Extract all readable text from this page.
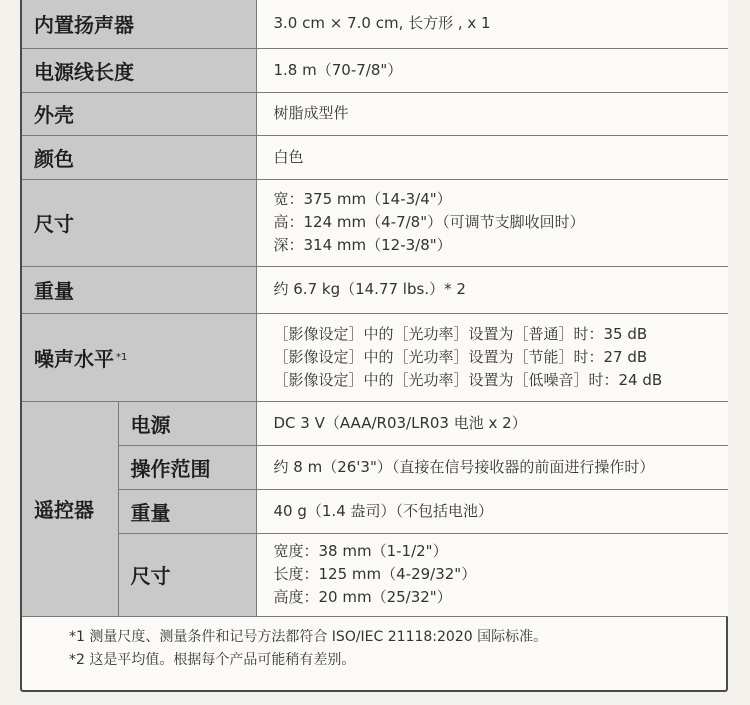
内置扬声器		3.0 cm × 7.0 cm, 长方形 , x 1

电源线长度		1.8 m（70-7/8"）

外壳		树脂成型件

颜色		白色

尺寸		宽：375 mm（14-3/4"）
高：124 mm（4-7/8"）（可调节支脚收回时）
深：314 mm（12-3/8"）

重量		约 6.7 kg（14.77 lbs.）* 2

噪声水平 $^{*1}$		［影像设定］中的［光功率］设置为［普通］时：35 dB
［影像设定］中的［光功率］设置为［节能］时：27 dB
［影像设定］中的［光功率］设置为［低噪音］时：24 dB

遥控器	电源	DC 3 V（AAA/R03/LR03 电池 x 2）

	操作范围	约 8 m（26'3"）（直接在信号接收器的前面进行操作时）

	重量	40 g（1.4 盎司）（不包括电池）

	尺寸	宽度：38 mm（1-1/2"）
长度：125 mm（4-29/32"）
高度：20 mm（25/32"）
*1 测量尺度、测量条件和记号方法都符合 ISO/IEC 21118:2020 国际标准。
*2 这是平均值。根据每个产品可能稍有差别。
